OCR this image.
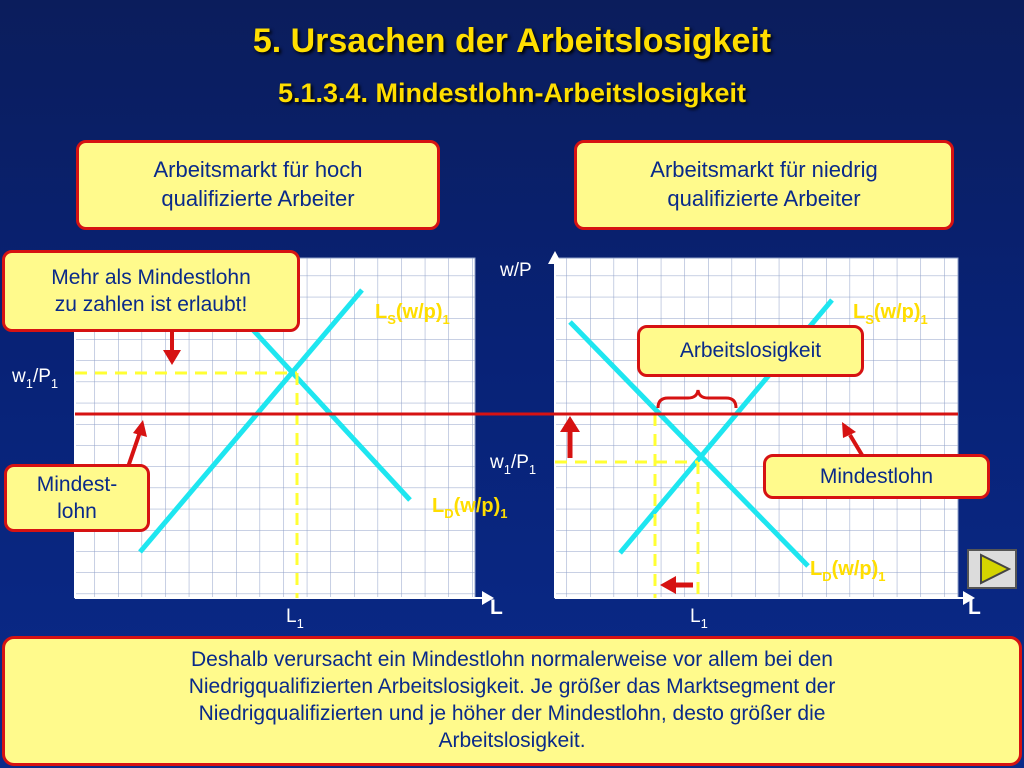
5. Ursachen der Arbeitslosigkeit
5.1.3.4. Mindestlohn-Arbeitslosigkeit
$L_S(w/p)_1$
$L_D(w/p)_1$
$w_1/P_1$
$L_1$
L
w/P
$L_S(w/p)_1$
$L_D(w/p)_1$
$w_1/P_1$
$L_1$
L
Arbeitsmarkt für hoch
qualifizierte Arbeiter
Arbeitsmarkt für niedrig
qualifizierte Arbeiter
Mehr als Mindestlohn
zu zahlen ist erlaubt!
Mindest-
lohn
Arbeitslosigkeit
Mindestlohn
Deshalb verursacht ein Mindestlohn normalerweise vor allem bei den
Niedrigqualifizierten Arbeitslosigkeit. Je größer das Marktsegment der
Niedrigqualifizierten und je höher der Mindestlohn, desto größer die
Arbeitslosigkeit.
